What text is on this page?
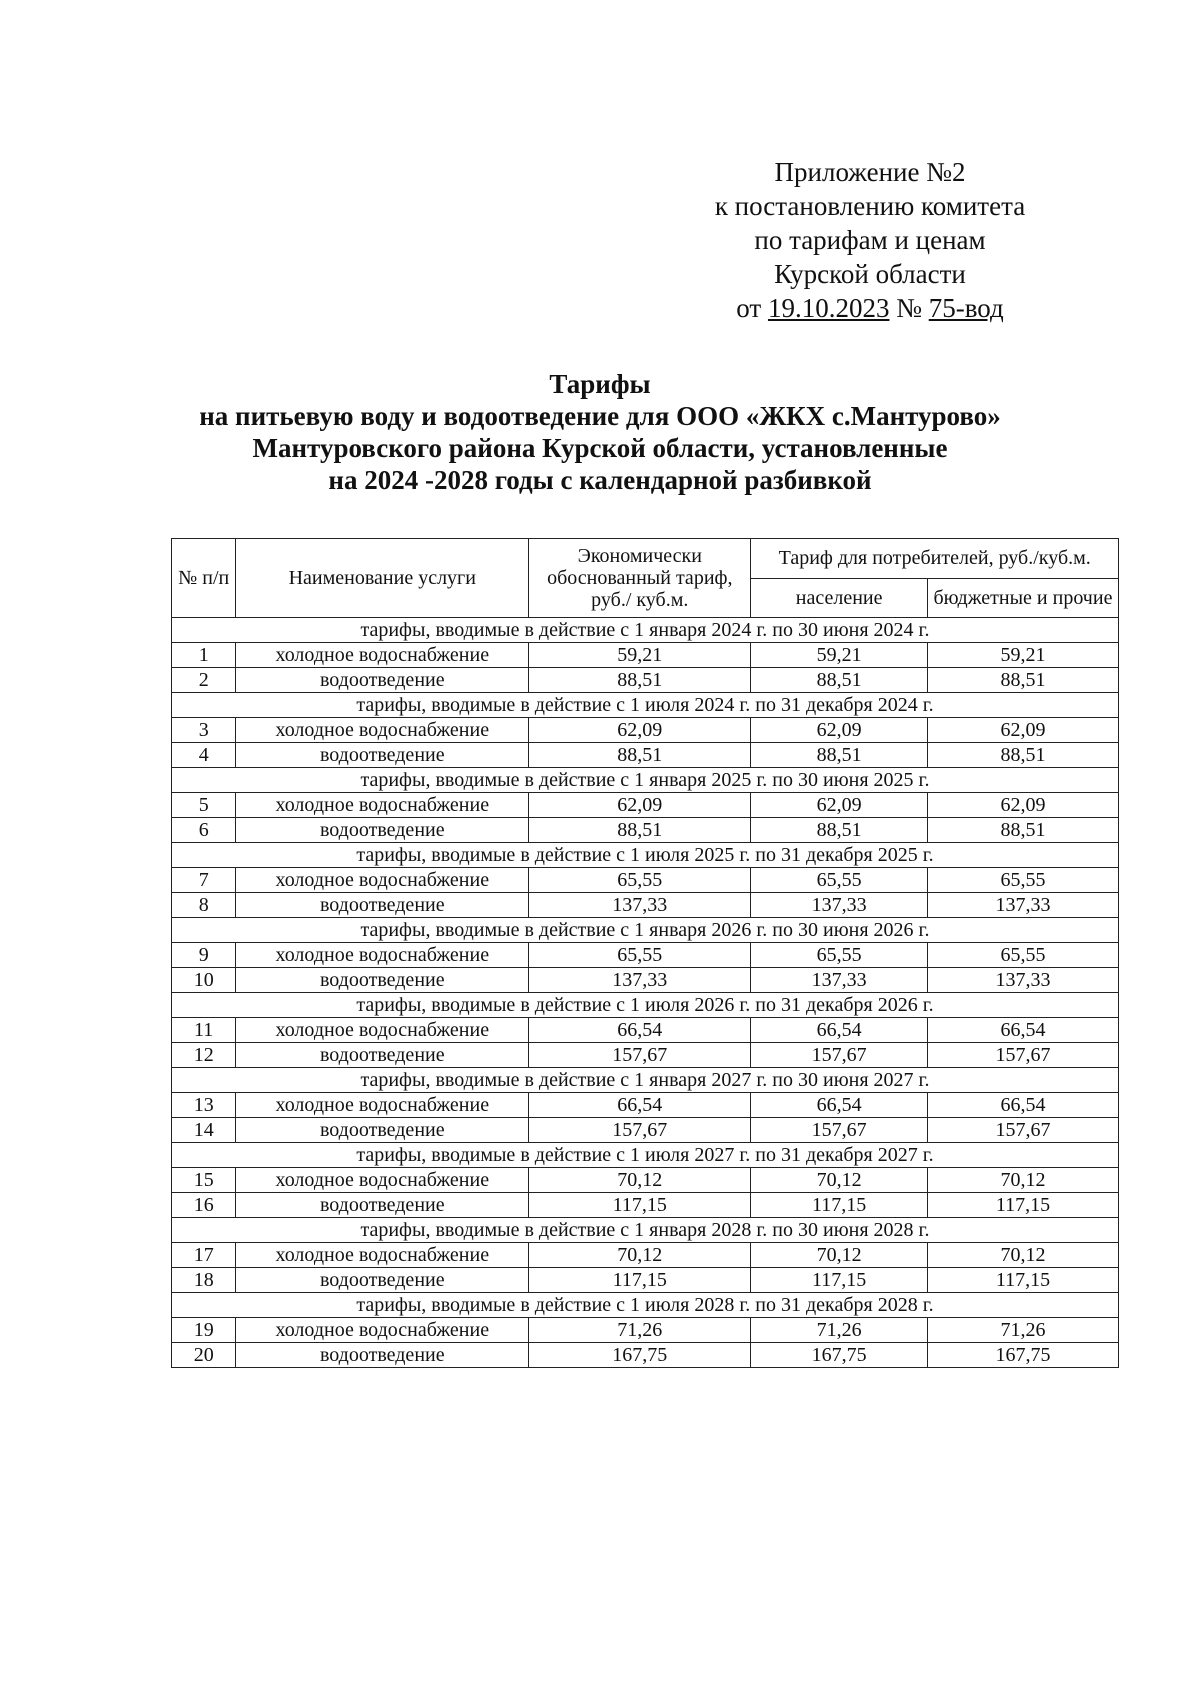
Приложение №2
к постановлению комитета
по тарифам и ценам
Курской области
от 19.10.2023 № 75-вод
Тарифы
на питьевую воду и водоотведение для ООО «ЖКХ с.Мантурово»
Мантуровского района Курской области, установленные
на 2024 -2028 годы с календарной разбивкой
№ п/п	Наименование услуги	Экономически обоснованный тариф, руб./ куб.м.	Тариф для потребителей, руб./куб.м.	
			население	бюджетные и прочие
тарифы, вводимые в действие с 1 января 2024 г. по 30 июня 2024 г.				
1	холодное водоснабжение	59,21	59,21	59,21
2	водоотведение	88,51	88,51	88,51
тарифы, вводимые в действие с 1 июля 2024 г. по 31 декабря 2024 г.				
3	холодное водоснабжение	62,09	62,09	62,09
4	водоотведение	88,51	88,51	88,51
тарифы, вводимые в действие с 1 января 2025 г. по 30 июня 2025 г.				
5	холодное водоснабжение	62,09	62,09	62,09
6	водоотведение	88,51	88,51	88,51
тарифы, вводимые в действие с 1 июля 2025 г. по 31 декабря 2025 г.				
7	холодное водоснабжение	65,55	65,55	65,55
8	водоотведение	137,33	137,33	137,33
тарифы, вводимые в действие с 1 января 2026 г. по 30 июня 2026 г.				
9	холодное водоснабжение	65,55	65,55	65,55
10	водоотведение	137,33	137,33	137,33
тарифы, вводимые в действие с 1 июля 2026 г. по 31 декабря 2026 г.				
11	холодное водоснабжение	66,54	66,54	66,54
12	водоотведение	157,67	157,67	157,67
тарифы, вводимые в действие с 1 января 2027 г. по 30 июня 2027 г.				
13	холодное водоснабжение	66,54	66,54	66,54
14	водоотведение	157,67	157,67	157,67
тарифы, вводимые в действие с 1 июля 2027 г. по 31 декабря 2027 г.				
15	холодное водоснабжение	70,12	70,12	70,12
16	водоотведение	117,15	117,15	117,15
тарифы, вводимые в действие с 1 января 2028 г. по 30 июня 2028 г.				
17	холодное водоснабжение	70,12	70,12	70,12
18	водоотведение	117,15	117,15	117,15
тарифы, вводимые в действие с 1 июля 2028 г. по 31 декабря 2028 г.				
19	холодное водоснабжение	71,26	71,26	71,26
20	водоотведение	167,75	167,75	167,75
